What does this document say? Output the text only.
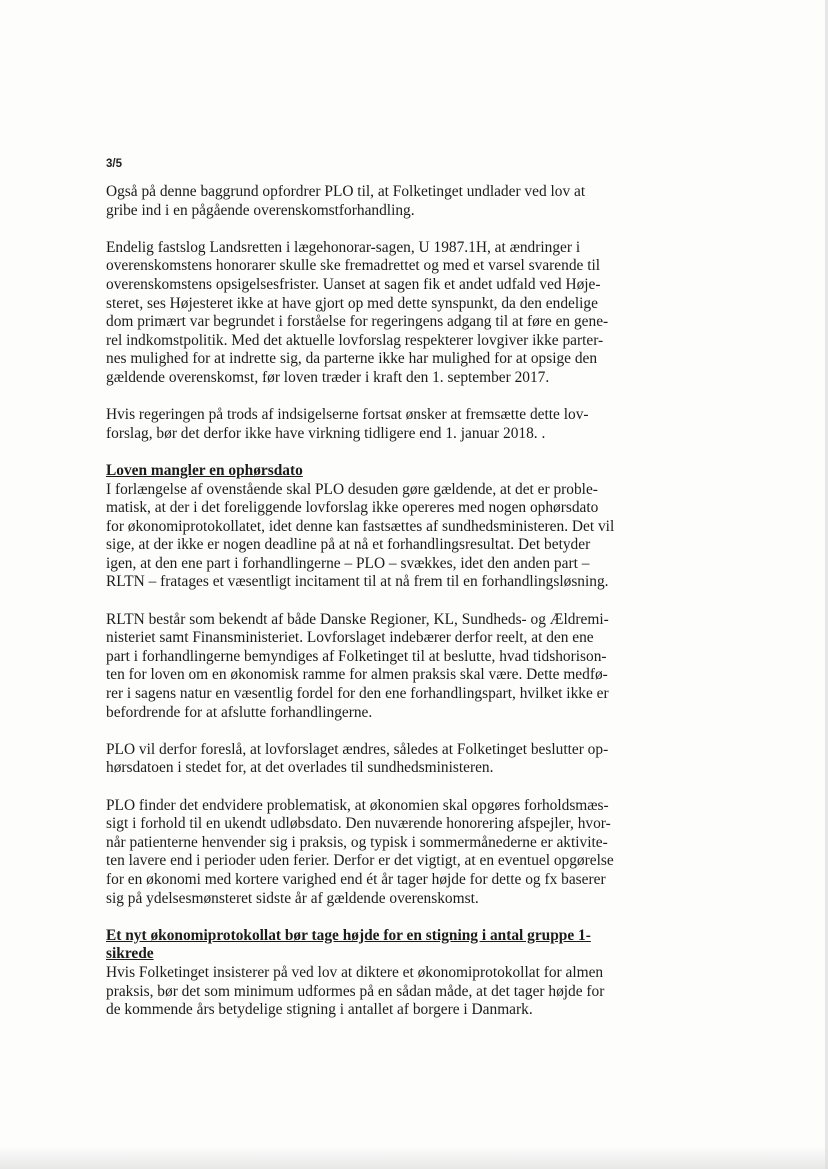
3/5

Også på denne baggrund opfordrer PLO til, at Folketinget undlader ved lov at
gribe ind i en pågående overenskomstforhandling.

Endelig fastslog Landsretten i lægehonorar-sagen, U 1987.1H, at ændringer i
overenskomstens honorarer skulle ske fremadrettet og med et varsel svarende til
overenskomstens opsigelsesfrister. Uanset at sagen fik et andet udfald ved Høje-
steret, ses Højesteret ikke at have gjort op med dette synspunkt, da den endelige
dom primært var begrundet i forståelse for regeringens adgang til at føre en gene-
rel indkomstpolitik. Med det aktuelle lovforslag respekterer lovgiver ikke parter-
nes mulighed for at indrette sig, da parterne ikke har mulighed for at opsige den
gældende overenskomst, før loven træder i kraft den 1. september 2017.

Hvis regeringen på trods af indsigelserne fortsat ønsker at fremsætte dette lov-
forslag, bør det derfor ikke have virkning tidligere end 1. januar 2018. .

Loven mangler en ophørsdato

I forlængelse af ovenstående skal PLO desuden gøre gældende, at det er proble-
matisk, at der i det foreliggende lovforslag ikke opereres med nogen ophørsdato
for økonomiprotokollatet, idet denne kan fastsættes af sundhedsministeren. Det vil
sige, at der ikke er nogen deadline på at nå et forhandlingsresultat. Det betyder
igen, at den ene part i forhandlingerne – PLO – svækkes, idet den anden part –
RLTN – fratages et væsentligt incitament til at nå frem til en forhandlingsløsning.

RLTN består som bekendt af både Danske Regioner, KL, Sundheds- og Ældremi-
nisteriet samt Finansministeriet. Lovforslaget indebærer derfor reelt, at den ene
part i forhandlingerne bemyndiges af Folketinget til at beslutte, hvad tidshorison-
ten for loven om en økonomisk ramme for almen praksis skal være. Dette medfø-
rer i sagens natur en væsentlig fordel for den ene forhandlingspart, hvilket ikke er
befordrende for at afslutte forhandlingerne.

PLO vil derfor foreslå, at lovforslaget ændres, således at Folketinget beslutter op-
hørsdatoen i stedet for, at det overlades til sundhedsministeren.

PLO finder det endvidere problematisk, at økonomien skal opgøres forholdsmæs-
sigt i forhold til en ukendt udløbsdato. Den nuværende honorering afspejler, hvor-
når patienterne henvender sig i praksis, og typisk i sommermånederne er aktivite-
ten lavere end i perioder uden ferier. Derfor er det vigtigt, at en eventuel opgørelse
for en økonomi med kortere varighed end ét år tager højde for dette og fx baserer
sig på ydelsesmønsteret sidste år af gældende overenskomst.

Et nyt økonomiprotokollat bør tage højde for en stigning i antal gruppe 1-
sikrede

Hvis Folketinget insisterer på ved lov at diktere et økonomiprotokollat for almen
praksis, bør det som minimum udformes på en sådan måde, at det tager højde for
de kommende års betydelige stigning i antallet af borgere i Danmark.
